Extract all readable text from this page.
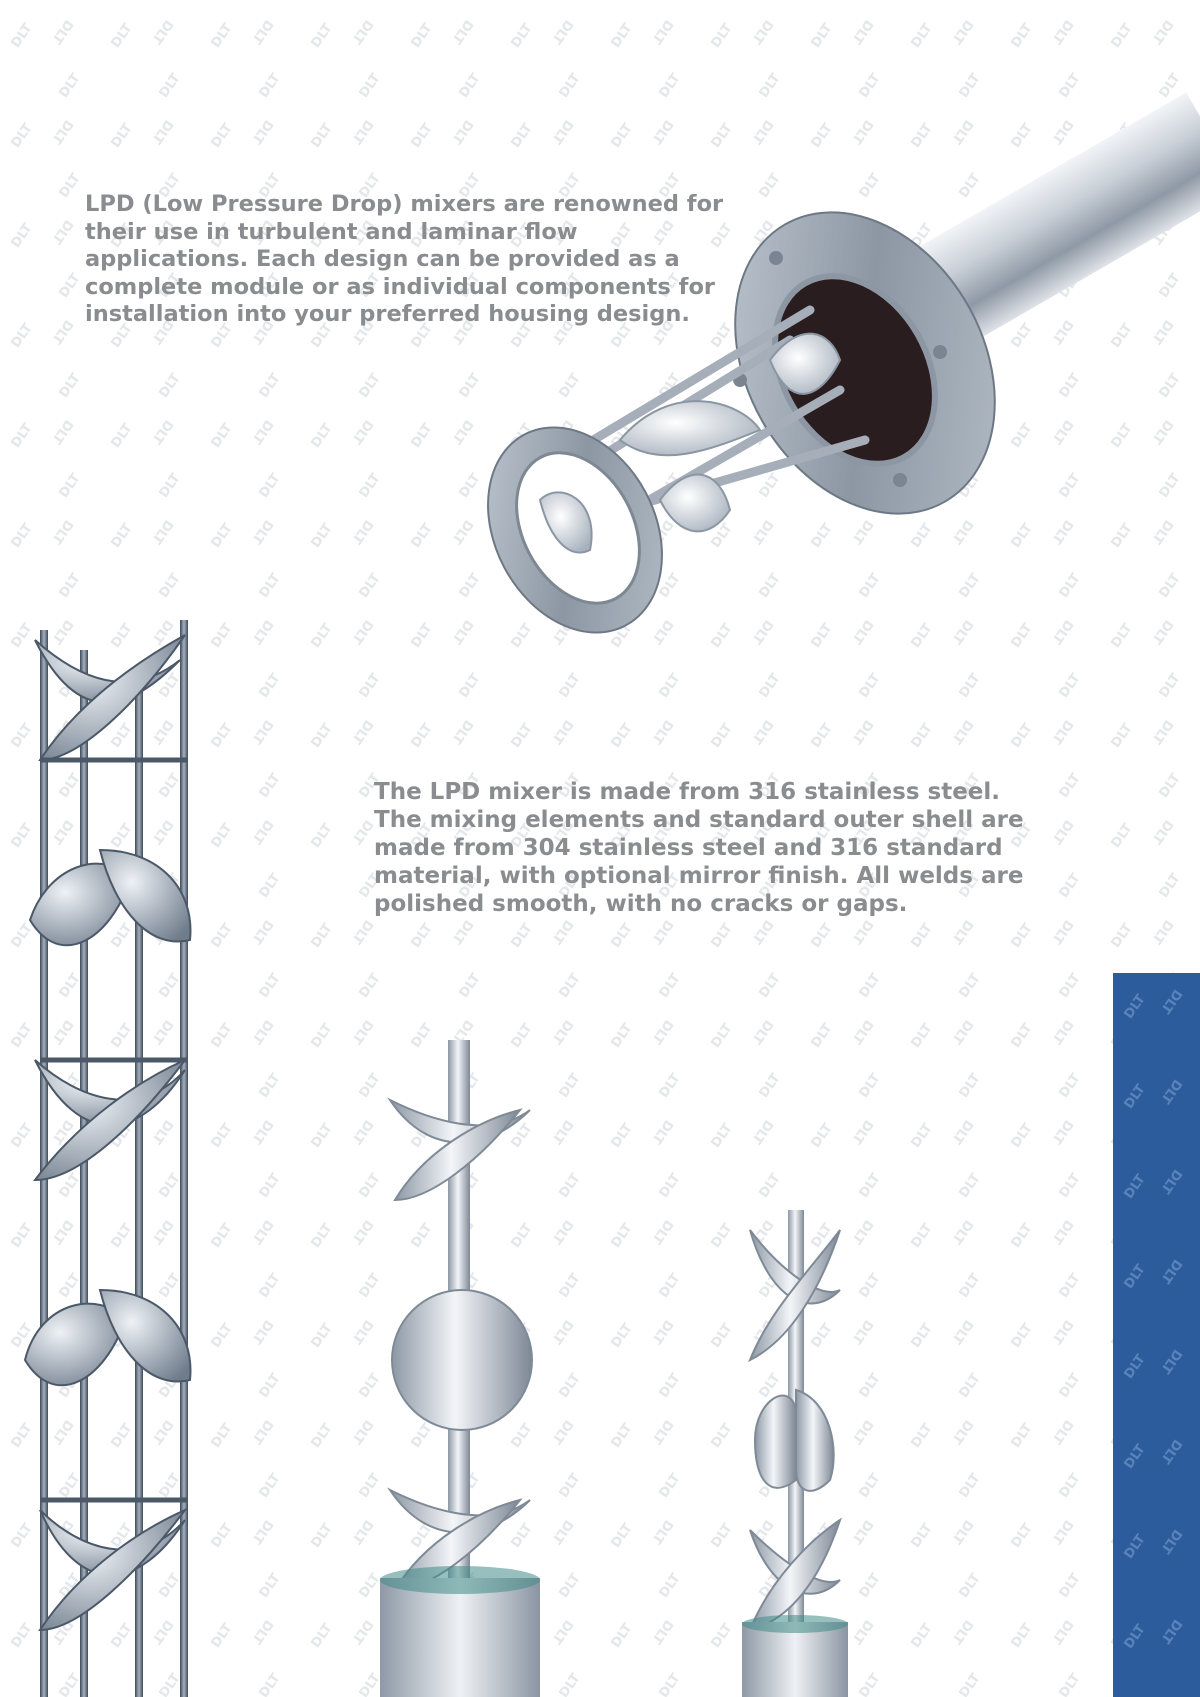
LPD (Low Pressure Drop) mixers are renowned for their use in turbulent and laminar flow applications. Each design can be provided as a complete module or as individual components for installation into your preferred housing design.

The LPD mixer is made from 316 stainless steel. The mixing elements and standard outer shell are made from 304 stainless steel and 316 standard material, with optional mirror finish. All welds are polished smooth, with no cracks or gaps.
